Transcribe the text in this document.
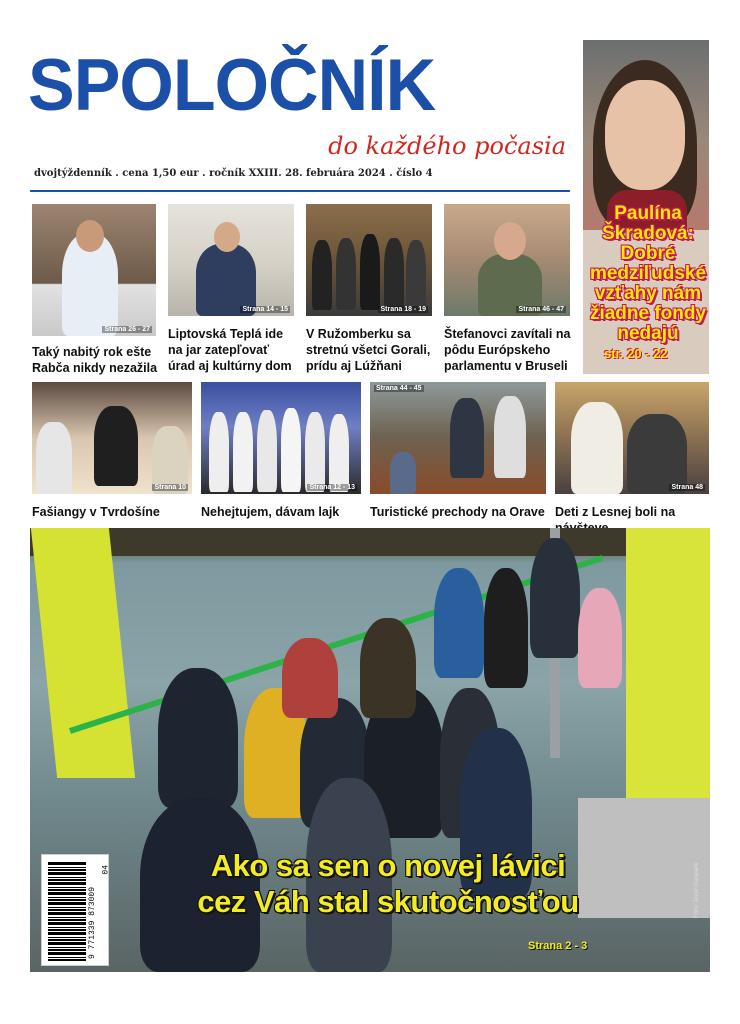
SPOLOČNÍK
do každého počasia
dvojtýždenník . cena 1,50 eur . ročník XXIII. 28. februára 2024 . číslo 4
Paulína Škradová: Dobré medziľudské vzťahy nám žiadne fondy nedajú
str. 20 - 22
Strana 26 - 27
Taký nabitý rok ešte Rabča nikdy nezažila
Strana 14 - 15
Liptovská Teplá ide na jar zatepľovať úrad aj kultúrny dom
Strana 18 - 19
V Ružomberku sa stretnú všetci Gorali, prídu aj Lúžňani
Strana 46 - 47
Štefanovci zavítali na pôdu Európskeho parlamentu v Bruseli
Strana 10
Fašiangy v Tvrdošíne
Strana 12 - 13
Nehejtujem, dávam lajk
Strana 44 - 45
Turistické prechody na Orave
Strana 48
Deti z Lesnej boli na
Ako sa sen o novej lávici
cez Váh stal skutočnosťou
Strana 2 - 3
Foto: Jozef Gasparik
9 771339 873009
04
